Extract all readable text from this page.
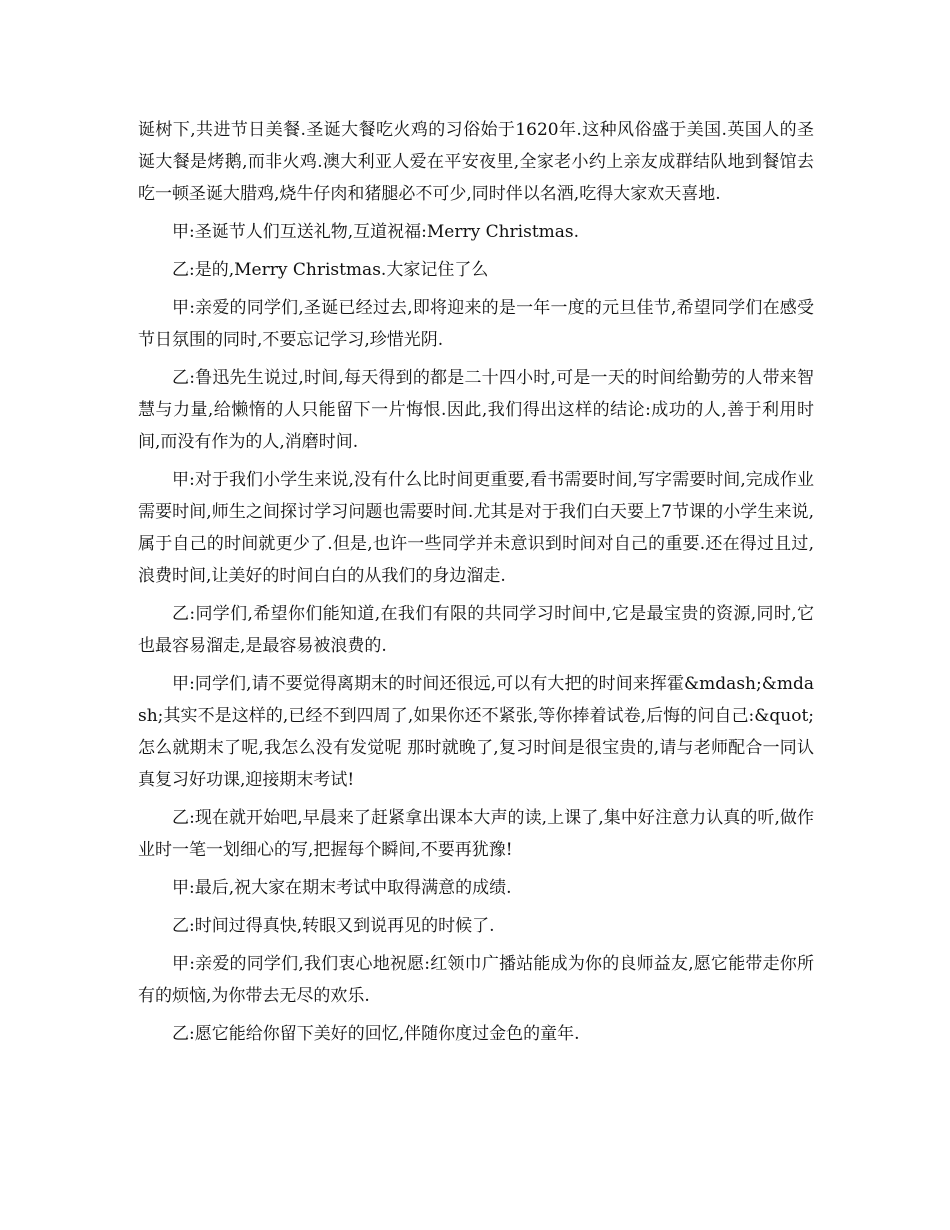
诞树下,共进节日美餐.圣诞大餐吃火鸡的习俗始于1620年.这种风俗盛于美国.英国人的圣诞大餐是烤鹅,而非火鸡.澳大利亚人爱在平安夜里,全家老小约上亲友成群结队地到餐馆去吃一顿圣诞大腊鸡,烧牛仔肉和猪腿必不可少,同时伴以名酒,吃得大家欢天喜地.

甲:圣诞节人们互送礼物,互道祝福:Merry Christmas.

乙:是的,Merry Christmas.大家记住了么

甲:亲爱的同学们,圣诞已经过去,即将迎来的是一年一度的元旦佳节,希望同学们在感受节日氛围的同时,不要忘记学习,珍惜光阴.

乙:鲁迅先生说过,时间,每天得到的都是二十四小时,可是一天的时间给勤劳的人带来智慧与力量,给懒惰的人只能留下一片悔恨.因此,我们得出这样的结论:成功的人,善于利用时间,而没有作为的人,消磨时间.

甲:对于我们小学生来说,没有什么比时间更重要,看书需要时间,写字需要时间,完成作业需要时间,师生之间探讨学习问题也需要时间.尤其是对于我们白天要上7节课的小学生来说,属于自己的时间就更少了.但是,也许一些同学并未意识到时间对自己的重要.还在得过且过,浪费时间,让美好的时间白白的从我们的身边溜走.

乙:同学们,希望你们能知道,在我们有限的共同学习时间中,它是最宝贵的资源,同时,它也最容易溜走,是最容易被浪费的.

甲:同学们,请不要觉得离期末的时间还很远,可以有大把的时间来挥霍&mdash;&mdash;其实不是这样的,已经不到四周了,如果你还不紧张,等你捧着试卷,后悔的问自己:&quot;怎么就期末了呢,我怎么没有发觉呢 那时就晚了,复习时间是很宝贵的,请与老师配合一同认真复习好功课,迎接期末考试!

乙:现在就开始吧,早晨来了赶紧拿出课本大声的读,上课了,集中好注意力认真的听,做作业时一笔一划细心的写,把握每个瞬间,不要再犹豫!

甲:最后,祝大家在期末考试中取得满意的成绩.

乙:时间过得真快,转眼又到说再见的时候了.

甲:亲爱的同学们,我们衷心地祝愿:红领巾广播站能成为你的良师益友,愿它能带走你所有的烦恼,为你带去无尽的欢乐.

乙:愿它能给你留下美好的回忆,伴随你度过金色的童年.
